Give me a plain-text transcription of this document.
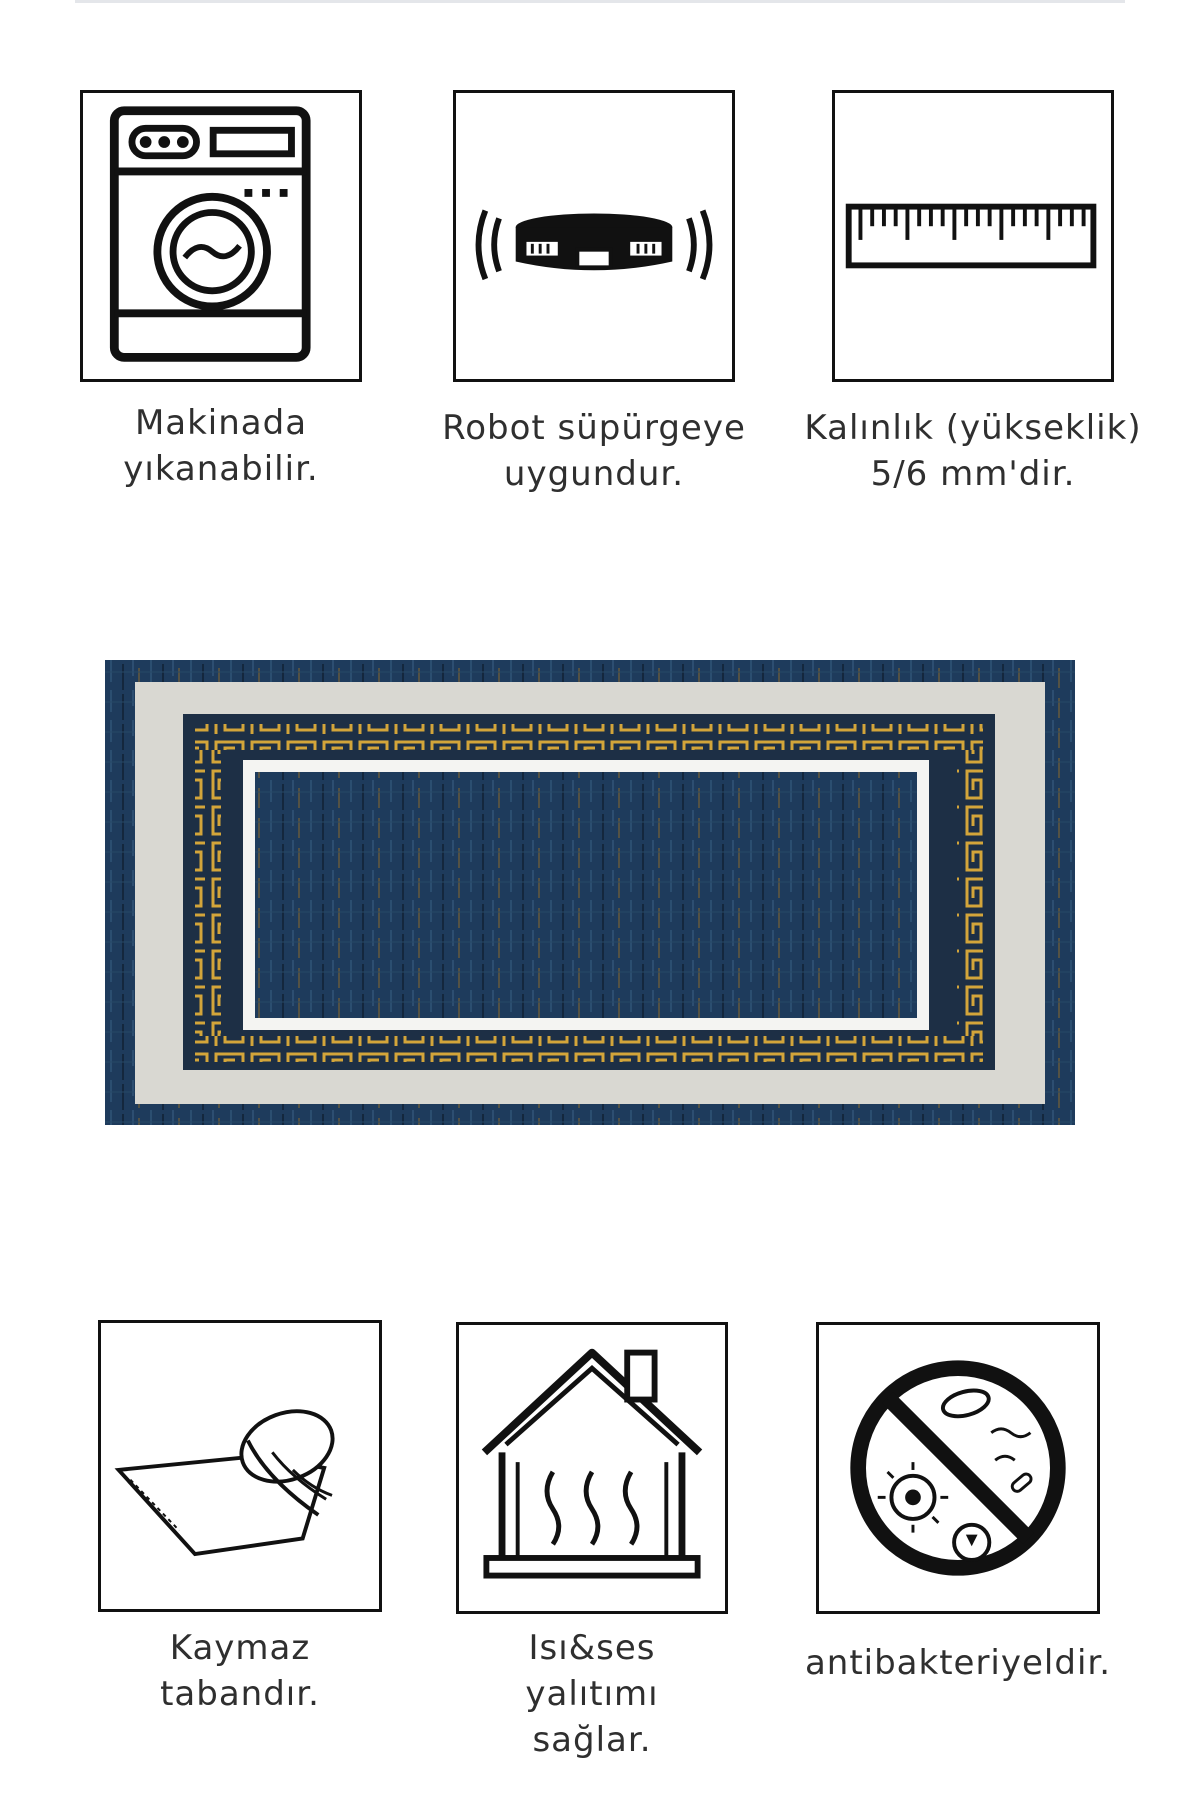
Makinada
yıkanabilir.
Robot süpürgeye
uygundur.
Kalınlık (yükseklik)
5/6 mm'dir.
Kaymaz
tabandır.
Isı&ses
yalıtımı
sağlar.
antibakteriyeldir.
